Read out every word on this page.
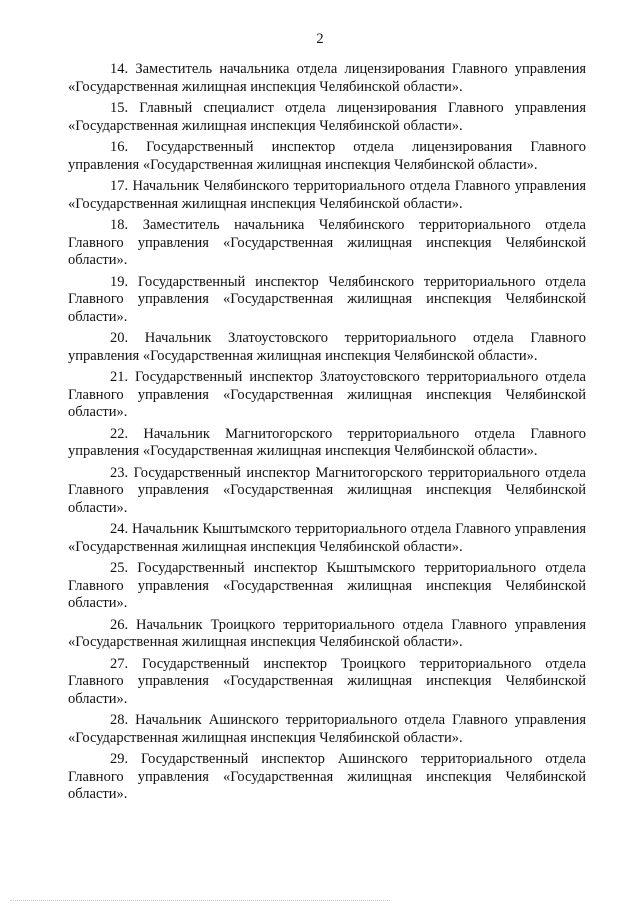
2

14. Заместитель начальника отдела лицензирования Главного управления «Государственная жилищная инспекция Челябинской области».

15. Главный специалист отдела лицензирования Главного управления «Государственная жилищная инспекция Челябинской области».

16. Государственный инспектор отдела лицензирования Главного управления «Государственная жилищная инспекция Челябинской области».

17. Начальник Челябинского территориального отдела Главного управления «Государственная жилищная инспекция Челябинской области».

18. Заместитель начальника Челябинского территориального отдела Главного управления «Государственная жилищная инспекция Челябинской области».

19. Государственный инспектор Челябинского территориального отдела Главного управления «Государственная жилищная инспекция Челябинской области».

20. Начальник Златоустовского территориального отдела Главного управления «Государственная жилищная инспекция Челябинской области».

21. Государственный инспектор Златоустовского территориального отдела Главного управления «Государственная жилищная инспекция Челябинской области».

22. Начальник Магнитогорского территориального отдела Главного управления «Государственная жилищная инспекция Челябинской области».

23. Государственный инспектор Магнитогорского территориального отдела Главного управления «Государственная жилищная инспекция Челябинской области».

24. Начальник Кыштымского территориального отдела Главного управления «Государственная жилищная инспекция Челябинской области».

25. Государственный инспектор Кыштымского территориального отдела Главного управления «Государственная жилищная инспекция Челябинской области».

26. Начальник Троицкого территориального отдела Главного управления «Государственная жилищная инспекция Челябинской области».

27. Государственный инспектор Троицкого территориального отдела Главного управления «Государственная жилищная инспекция Челябинской области».

28. Начальник Ашинского территориального отдела Главного управления «Государственная жилищная инспекция Челябинской области».

29. Государственный инспектор Ашинского территориального отдела Главного управления «Государственная жилищная инспекция Челябинской области».
